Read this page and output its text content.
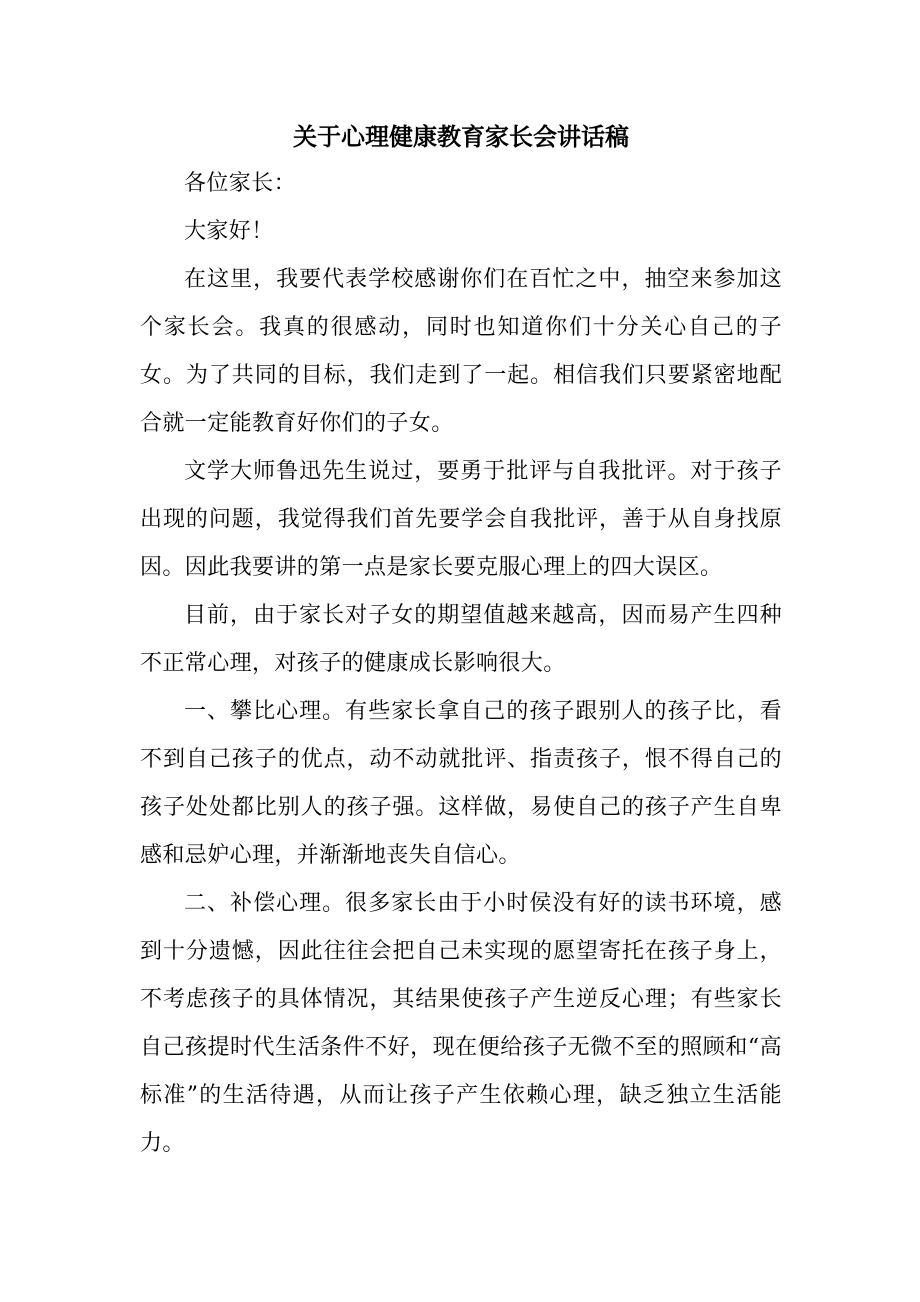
关于心理健康教育家长会讲话稿

各位家长：

大家好！

在这里，我要代表学校感谢你们在百忙之中，抽空来参加这个家长会。我真的很感动，同时也知道你们十分关心自己的子女。为了共同的目标，我们走到了一起。相信我们只要紧密地配合就一定能教育好你们的子女。

文学大师鲁迅先生说过，要勇于批评与自我批评。对于孩子出现的问题，我觉得我们首先要学会自我批评，善于从自身找原因。因此我要讲的第一点是家长要克服心理上的四大误区。

目前，由于家长对子女的期望值越来越高，因而易产生四种不正常心理，对孩子的健康成长影响很大。

一、攀比心理。有些家长拿自己的孩子跟别人的孩子比，看不到自己孩子的优点，动不动就批评、指责孩子，恨不得自己的孩子处处都比别人的孩子强。这样做，易使自己的孩子产生自卑感和忌妒心理，并渐渐地丧失自信心。

二、补偿心理。很多家长由于小时侯没有好的读书环境，感到十分遗憾，因此往往会把自己未实现的愿望寄托在孩子身上，不考虑孩子的具体情况，其结果使孩子产生逆反心理；有些家长自己孩提时代生活条件不好，现在便给孩子无微不至的照顾和“高标准”的生活待遇，从而让孩子产生依赖心理，缺乏独立生活能力。
